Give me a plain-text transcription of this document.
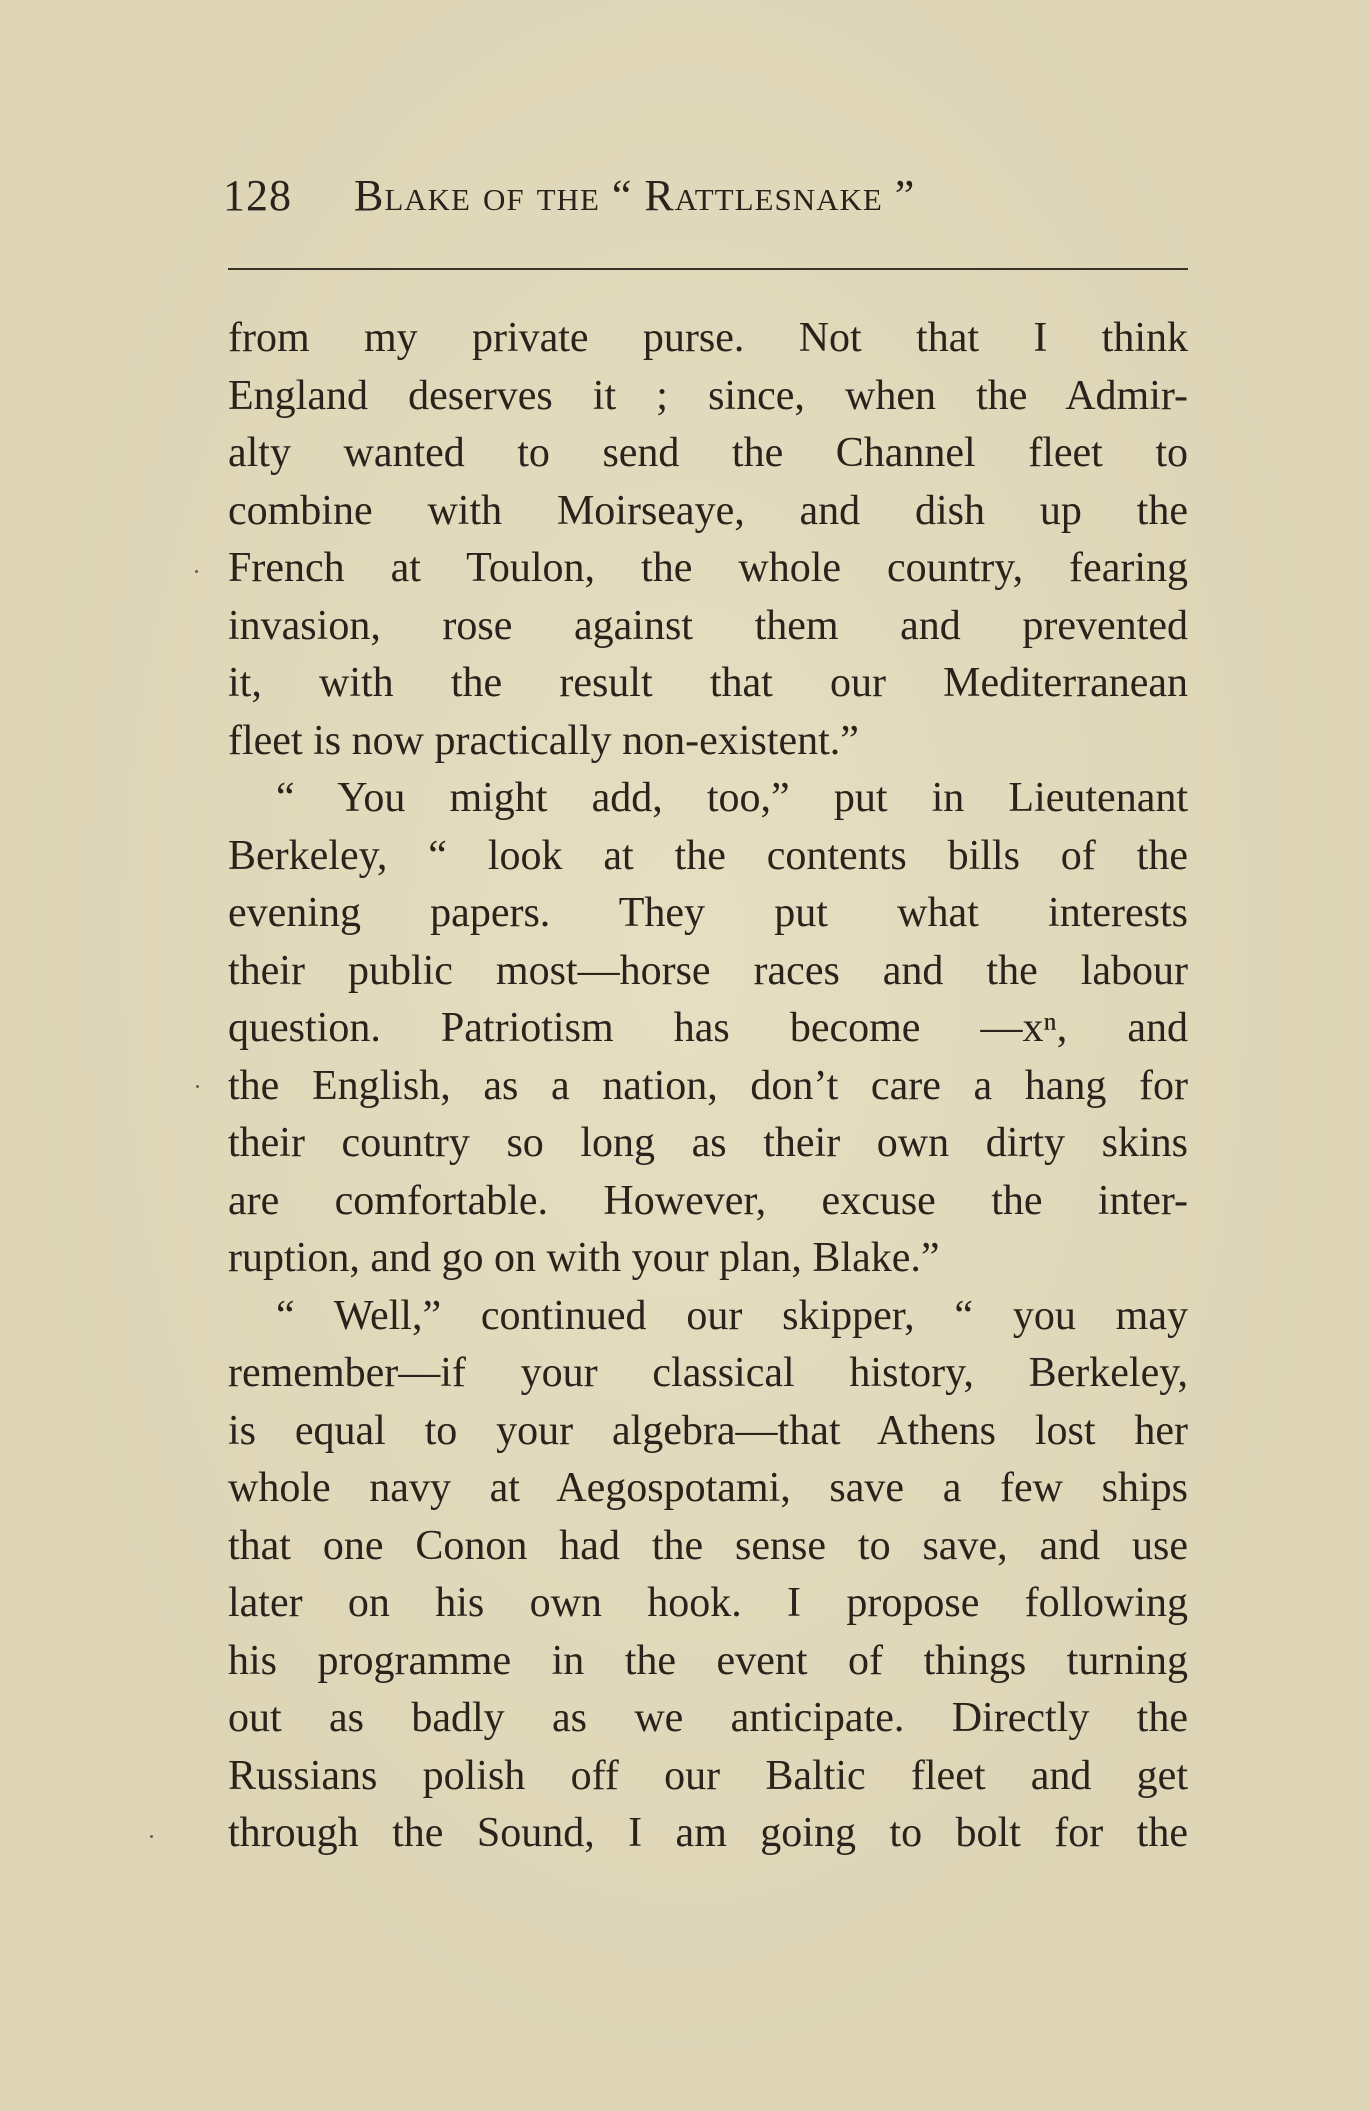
128 Blake of the “ Rattlesnake ”
from my private purse. Not that I think
England deserves it ; since, when the Admir-
alty wanted to send the Channel fleet to
combine with Moirseaye, and dish up the
French at Toulon, the whole country, fearing
invasion, rose against them and prevented
it, with the result that our Mediterranean
fleet is now practically non-existent.”
“ You might add, too,” put in Lieutenant
Berkeley, “ look at the contents bills of the
evening papers. They put what interests
their public most—horse races and the labour
question. Patriotism has become —xⁿ, and
the English, as a nation, don’t care a hang for
their country so long as their own dirty skins
are comfortable. However, excuse the inter-
ruption, and go on with your plan, Blake.”
“ Well,” continued our skipper, “ you may
remember—if your classical history, Berkeley,
is equal to your algebra—that Athens lost her
whole navy at Aegospotami, save a few ships
that one Conon had the sense to save, and use
later on his own hook. I propose following
his programme in the event of things turning
out as badly as we anticipate. Directly the
Russians polish off our Baltic fleet and get
through the Sound, I am going to bolt for the
